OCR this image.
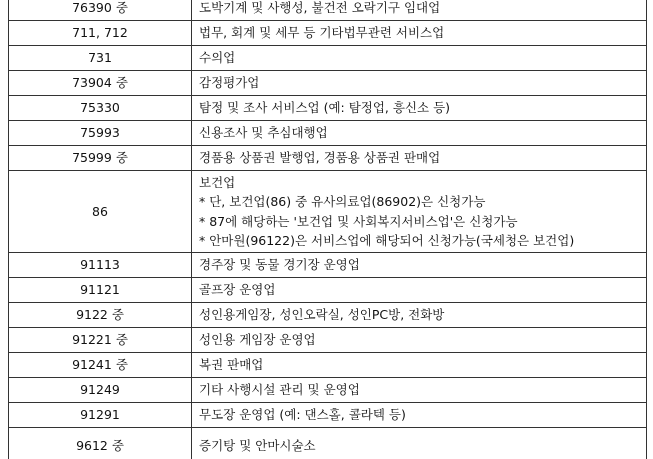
76390 중	도박기계 및 사행성, 불건전 오락기구 임대업

711, 712	법무, 회계 및 세무 등 기타법무관련 서비스업

731	수의업

73904 중	감정평가업

75330	탐정 및 조사 서비스업 (예: 탐정업, 흥신소 등)

75993	신용조사 및 추심대행업

75999 중	경품용 상품권 발행업, 경품용 상품권 판매업

86	보건업
* 단, 보건업(86) 중 유사의료업(86902)은 신청가능
* 87에 해당하는 '보건업 및 사회복지서비스업'은 신청가능
* 안마원(96122)은 서비스업에 해당되어 신청가능(국세청은 보건업)

91113	경주장 및 동물 경기장 운영업

91121	골프장 운영업

9122 중	성인용게임장, 성인오락실, 성인PC방, 전화방

91221 중	성인용 게임장 운영업

91241 중	복권 판매업

91249	기타 사행시설 관리 및 운영업

91291	무도장 운영업 (예: 댄스홀, 콜라텍 등)

9612 중	증기탕 및 안마시술소
